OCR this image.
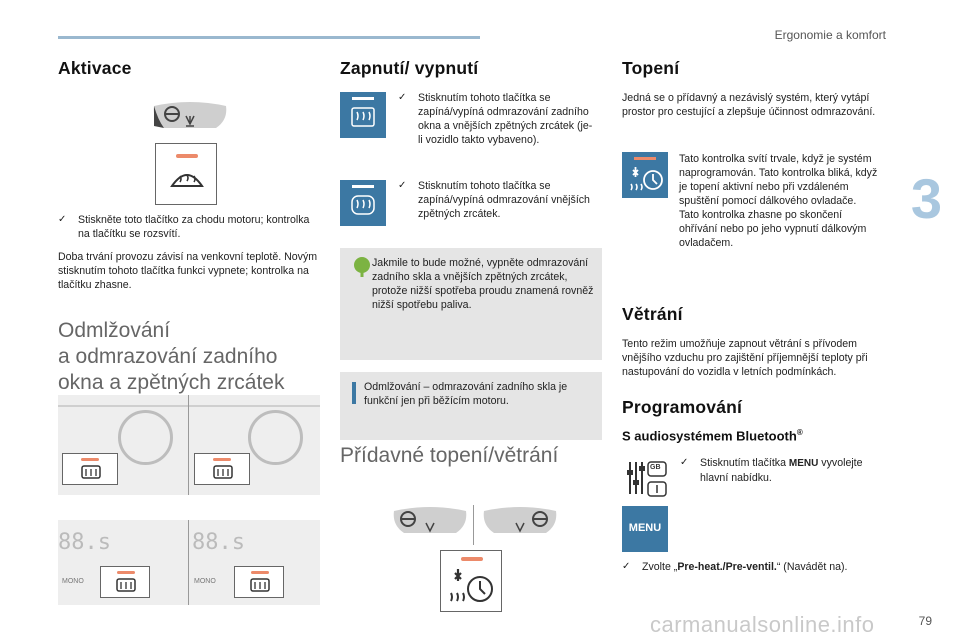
Ergonomie a komfort
3
Aktivace
✓	Stiskněte toto tlačítko za chodu motoru; kontrolka na tlačítku se rozsvítí.
Doba trvání provozu závisí na venkovní teplotě. Novým stisknutím tohoto tlačítka funkci vypnete; kontrolka na tlačítku zhasne.
Odmlžování
a odmrazování zadního
okna a zpětných zrcátek
88.s	88.s
MONO	MONO
Zapnutí/ vypnutí
✓	Stisknutím tohoto tlačítka se zapíná/vypíná odmrazování zadního okna a vnějších zpětných zrcátek (je-li vozidlo takto vybaveno).
✓	Stisknutím tohoto tlačítka se zapíná/vypíná odmrazování vnějších zpětných zrcátek.
Jakmile to bude možné, vypněte odmrazování zadního skla a vnějších zpětných zrcátek, protože nižší spotřeba proudu znamená rovněž nižší spotřebu paliva.
Odmlžování – odmrazování zadního skla je funkční jen při běžícím motoru.
Přídavné topení/větrání
Topení
Jedná se o přídavný a nezávislý systém, který vytápí prostor pro cestující a zlepšuje účinnost odmrazování.
Tato kontrolka svítí trvale, když je systém naprogramován. Tato kontrolka bliká, když je topení aktivní nebo při vzdáleném spuštění pomocí dálkového ovladače. Tato kontrolka zhasne po skončení ohřívání nebo po jeho vypnutí dálkovým ovladačem.
Větrání
Tento režim umožňuje zapnout větrání s přívodem vnějšího vzduchu pro zajištění příjemnější teploty při nastupování do vozidla v letních podmínkách.
Programování
S audiosystémem Bluetooth®
GB ✓	Stisknutím tlačítka MENU vyvolejte hlavní nabídku.
MENU
✓	Zvolte „Pre-heat./Pre-ventil.“ (Navádět na).
carmanualsonline.info	79
